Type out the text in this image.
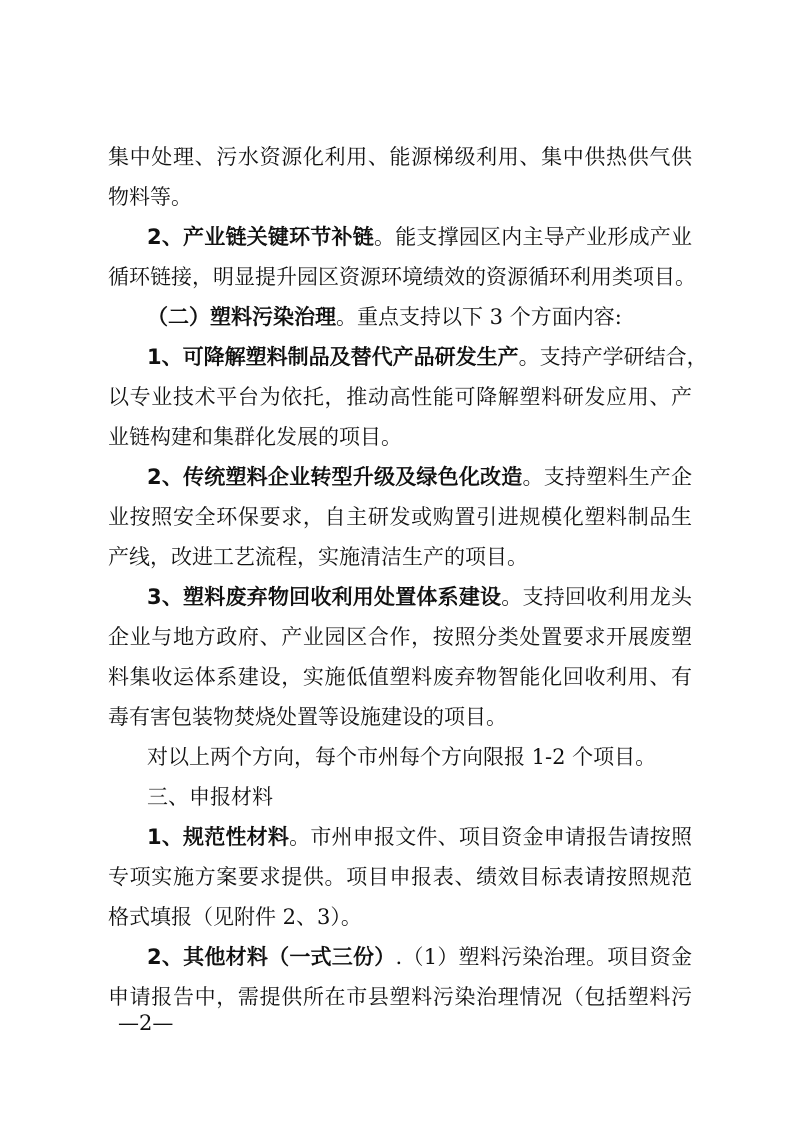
集中处理、污水资源化利用、能源梯级利用、集中供热供气供
物料等。
2、产业链关键环节补链。能支撑园区内主导产业形成产业
循环链接，明显提升园区资源环境绩效的资源循环利用类项目。
（二）塑料污染治理。重点支持以下 3 个方面内容:
1、可降解塑料制品及替代产品研发生产。支持产学研结合，
以专业技术平台为依托，推动高性能可降解塑料研发应用、产
业链构建和集群化发展的项目。
2、传统塑料企业转型升级及绿色化改造。支持塑料生产企
业按照安全环保要求，自主研发或购置引进规模化塑料制品生
产线，改进工艺流程，实施清洁生产的项目。
3、塑料废弃物回收利用处置体系建设。支持回收利用龙头
企业与地方政府、产业园区合作，按照分类处置要求开展废塑
料集收运体系建设，实施低值塑料废弃物智能化回收利用、有
毒有害包装物焚烧处置等设施建设的项目。
对以上两个方向，每个市州每个方向限报 1-2 个项目。
三、申报材料
1、规范性材料。市州申报文件、项目资金申请报告请按照
专项实施方案要求提供。项目申报表、绩效目标表请按照规范
格式填报（见附件 2、3）。
2、其他材料（一式三份）.（1）塑料污染治理。项目资金
申请报告中，需提供所在市县塑料污染治理情况（包括塑料污
—2—
